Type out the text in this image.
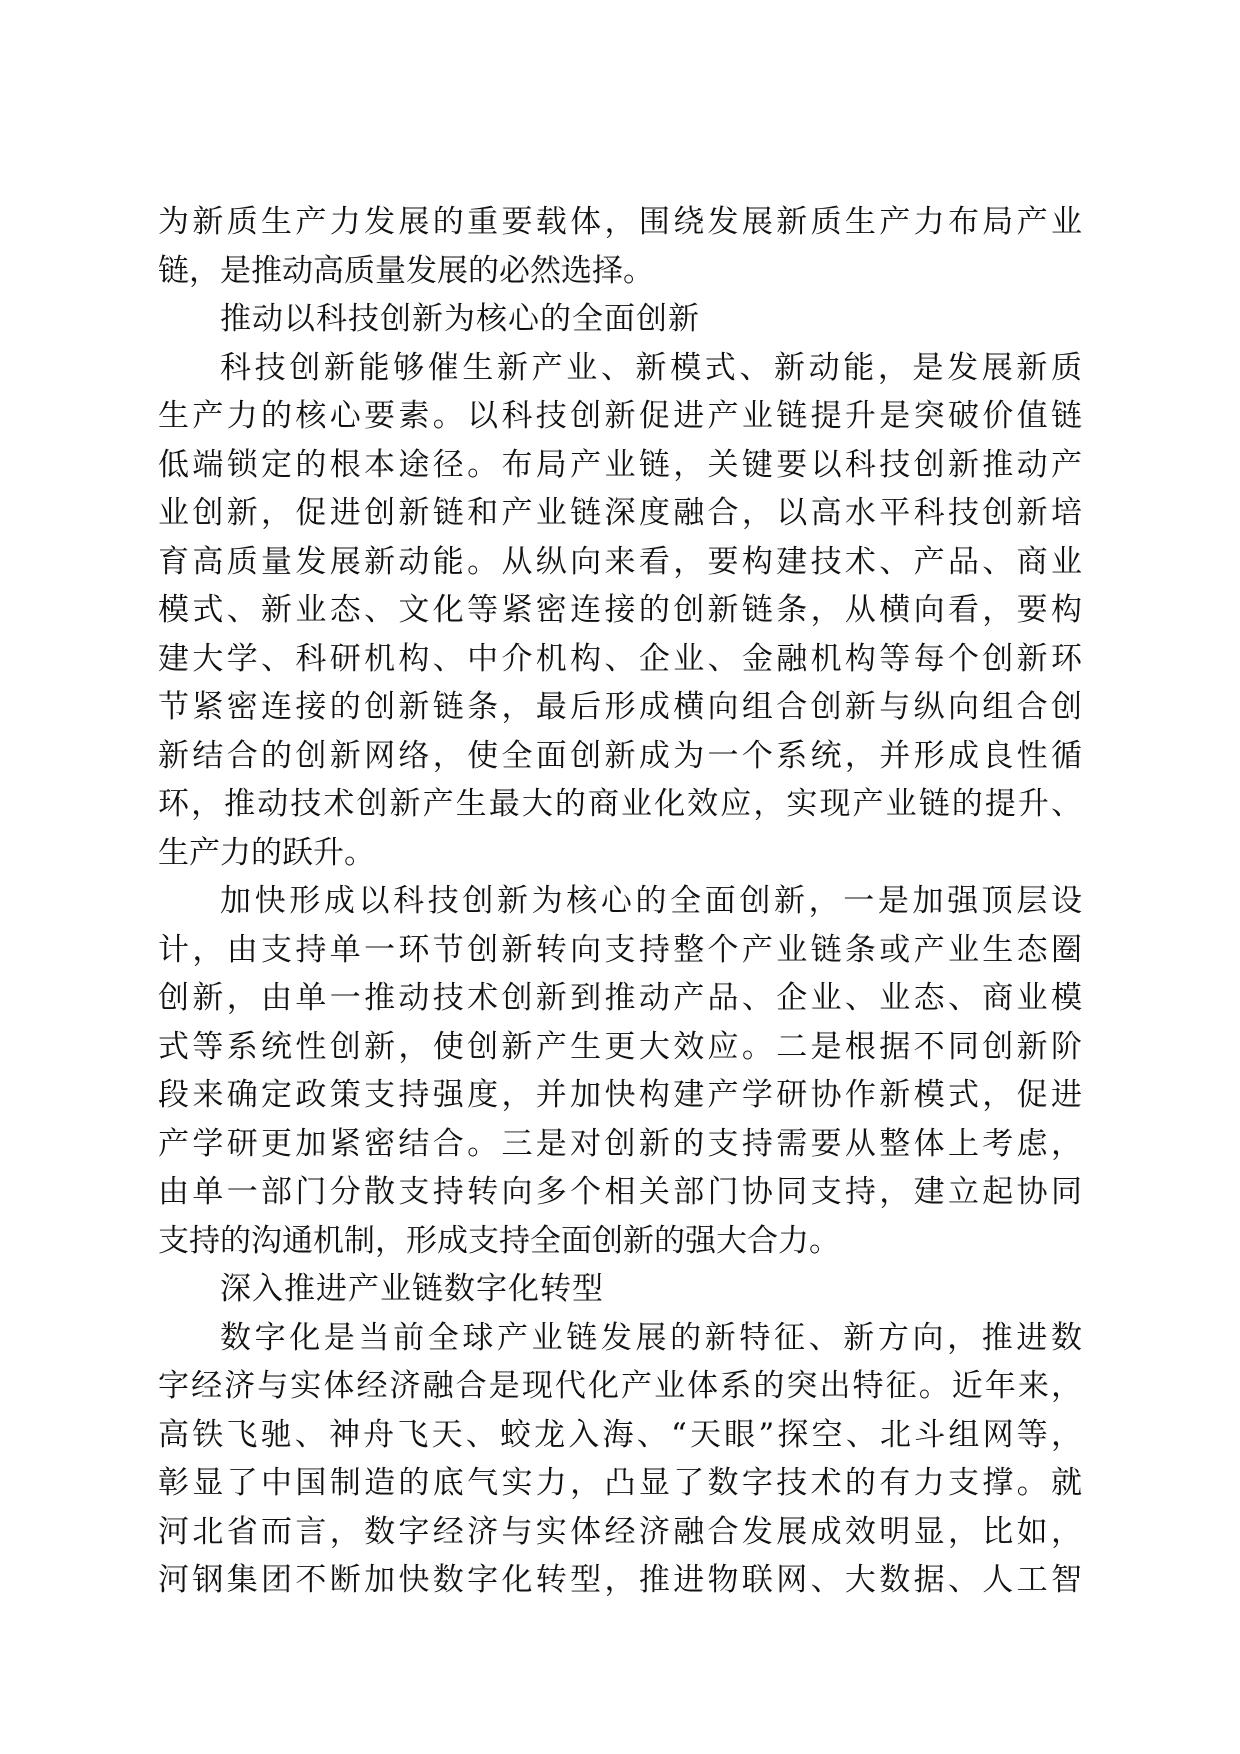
为新质生产力发展的重要载体，围绕发展新质生产力布局产业
链，是推动高质量发展的必然选择。
推动以科技创新为核心的全面创新
科技创新能够催生新产业、新模式、新动能，是发展新质
生产力的核心要素。以科技创新促进产业链提升是突破价值链
低端锁定的根本途径。布局产业链，关键要以科技创新推动产
业创新，促进创新链和产业链深度融合，以高水平科技创新培
育高质量发展新动能。从纵向来看，要构建技术、产品、商业
模式、新业态、文化等紧密连接的创新链条，从横向看，要构
建大学、科研机构、中介机构、企业、金融机构等每个创新环
节紧密连接的创新链条，最后形成横向组合创新与纵向组合创
新结合的创新网络，使全面创新成为一个系统，并形成良性循
环，推动技术创新产生最大的商业化效应，实现产业链的提升、
生产力的跃升。
加快形成以科技创新为核心的全面创新，一是加强顶层设
计，由支持单一环节创新转向支持整个产业链条或产业生态圈
创新，由单一推动技术创新到推动产品、企业、业态、商业模
式等系统性创新，使创新产生更大效应。二是根据不同创新阶
段来确定政策支持强度，并加快构建产学研协作新模式，促进
产学研更加紧密结合。三是对创新的支持需要从整体上考虑，
由单一部门分散支持转向多个相关部门协同支持，建立起协同
支持的沟通机制，形成支持全面创新的强大合力。
深入推进产业链数字化转型
数字化是当前全球产业链发展的新特征、新方向，推进数
字经济与实体经济融合是现代化产业体系的突出特征。近年来，
高铁飞驰、神舟飞天、蛟龙入海、“天眼”探空、北斗组网等，
彰显了中国制造的底气实力，凸显了数字技术的有力支撑。就
河北省而言，数字经济与实体经济融合发展成效明显，比如，
河钢集团不断加快数字化转型，推进物联网、大数据、人工智
